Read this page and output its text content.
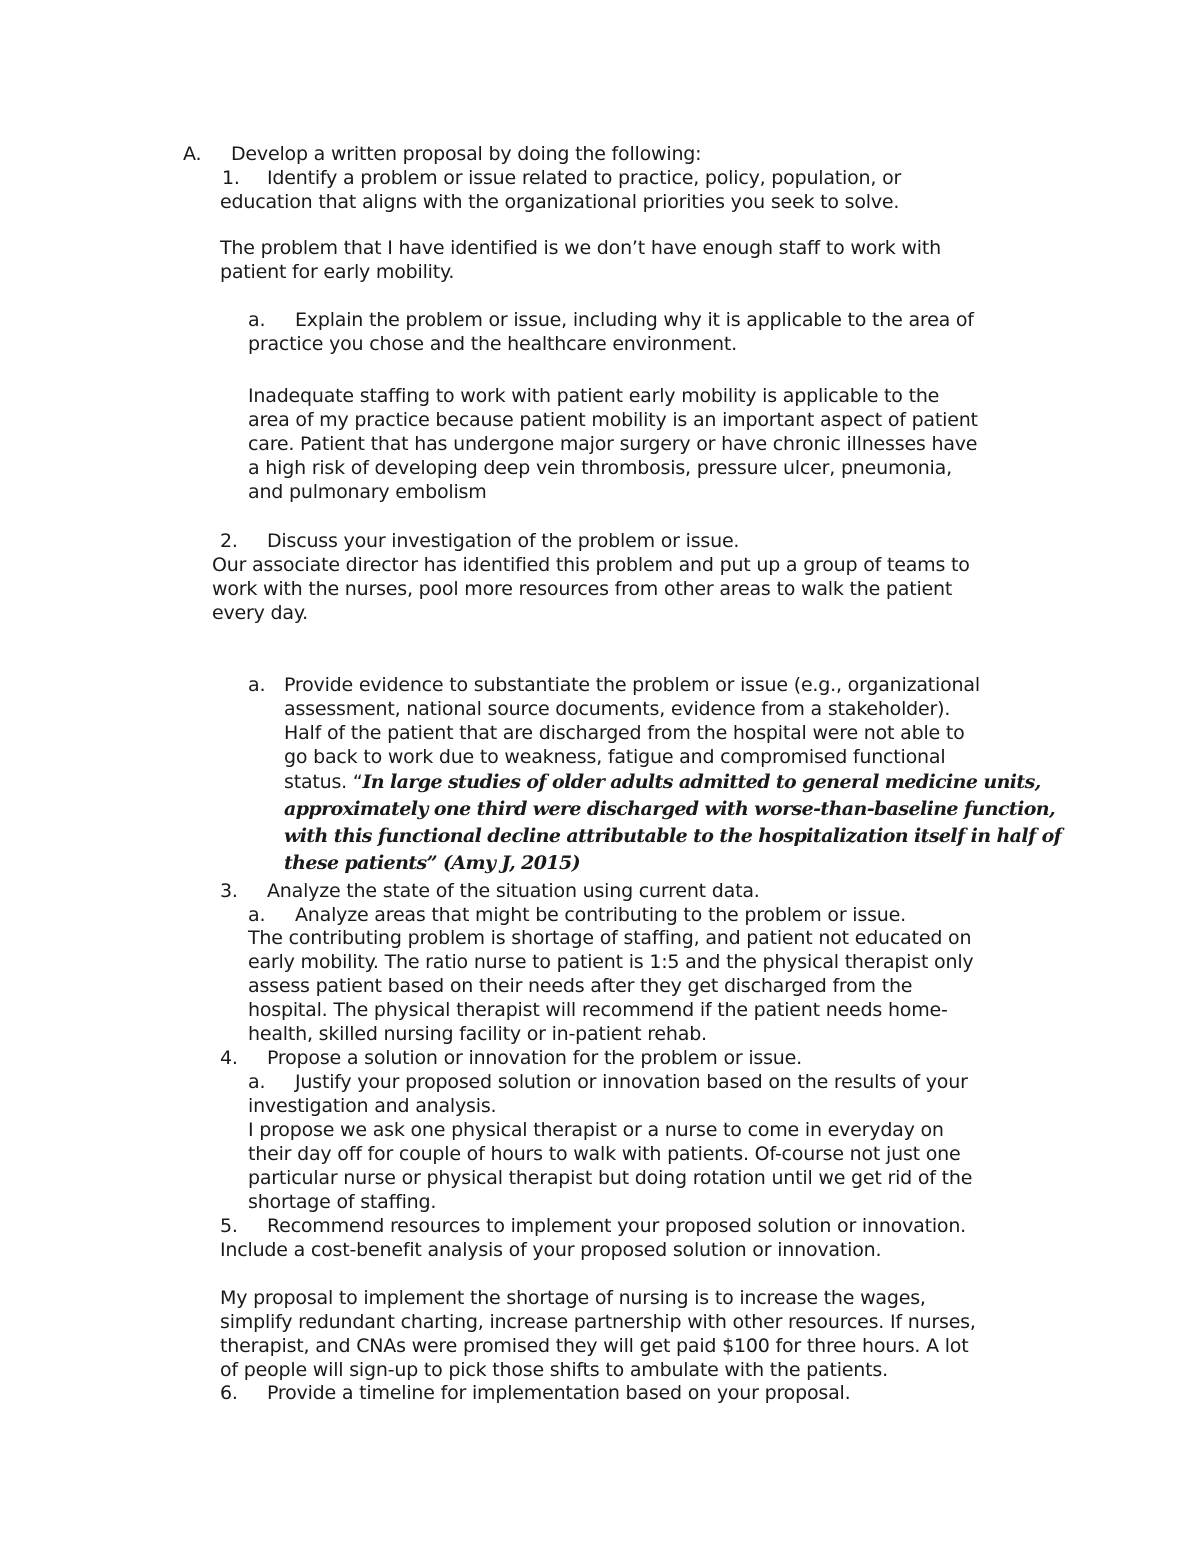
A. Develop a written proposal by doing the following:
1. Identify a problem or issue related to practice, policy, population, or
education that aligns with the organizational priorities you seek to solve.
The problem that I have identified is we don’t have enough staff to work with
patient for early mobility.
a. Explain the problem or issue, including why it is applicable to the area of
practice you chose and the healthcare environment.
Inadequate staffing to work with patient early mobility is applicable to the
area of my practice because patient mobility is an important aspect of patient
care. Patient that has undergone major surgery or have chronic illnesses have
a high risk of developing deep vein thrombosis, pressure ulcer, pneumonia,
and pulmonary embolism
2. Discuss your investigation of the problem or issue.
Our associate director has identified this problem and put up a group of teams to
work with the nurses, pool more resources from other areas to walk the patient
every day.
a. Provide evidence to substantiate the problem or issue (e.g., organizational
assessment, national source documents, evidence from a stakeholder).
Half of the patient that are discharged from the hospital were not able to
go back to work due to weakness, fatigue and compromised functional
status. “In large studies of older adults admitted to general medicine units,
approximately one third were discharged with worse-than-baseline function,
with this functional decline attributable to the hospitalization itself in half of
these patients” (Amy J, 2015)
3. Analyze the state of the situation using current data.
a. Analyze areas that might be contributing to the problem or issue.
The contributing problem is shortage of staffing, and patient not educated on
early mobility. The ratio nurse to patient is 1:5 and the physical therapist only
assess patient based on their needs after they get discharged from the
hospital. The physical therapist will recommend if the patient needs home-
health, skilled nursing facility or in-patient rehab.
4. Propose a solution or innovation for the problem or issue.
a. Justify your proposed solution or innovation based on the results of your
investigation and analysis.
I propose we ask one physical therapist or a nurse to come in everyday on
their day off for couple of hours to walk with patients. Of-course not just one
particular nurse or physical therapist but doing rotation until we get rid of the
shortage of staffing.
5. Recommend resources to implement your proposed solution or innovation.
Include a cost-benefit analysis of your proposed solution or innovation.
My proposal to implement the shortage of nursing is to increase the wages,
simplify redundant charting, increase partnership with other resources. If nurses,
therapist, and CNAs were promised they will get paid $100 for three hours. A lot
of people will sign-up to pick those shifts to ambulate with the patients.
6. Provide a timeline for implementation based on your proposal.
